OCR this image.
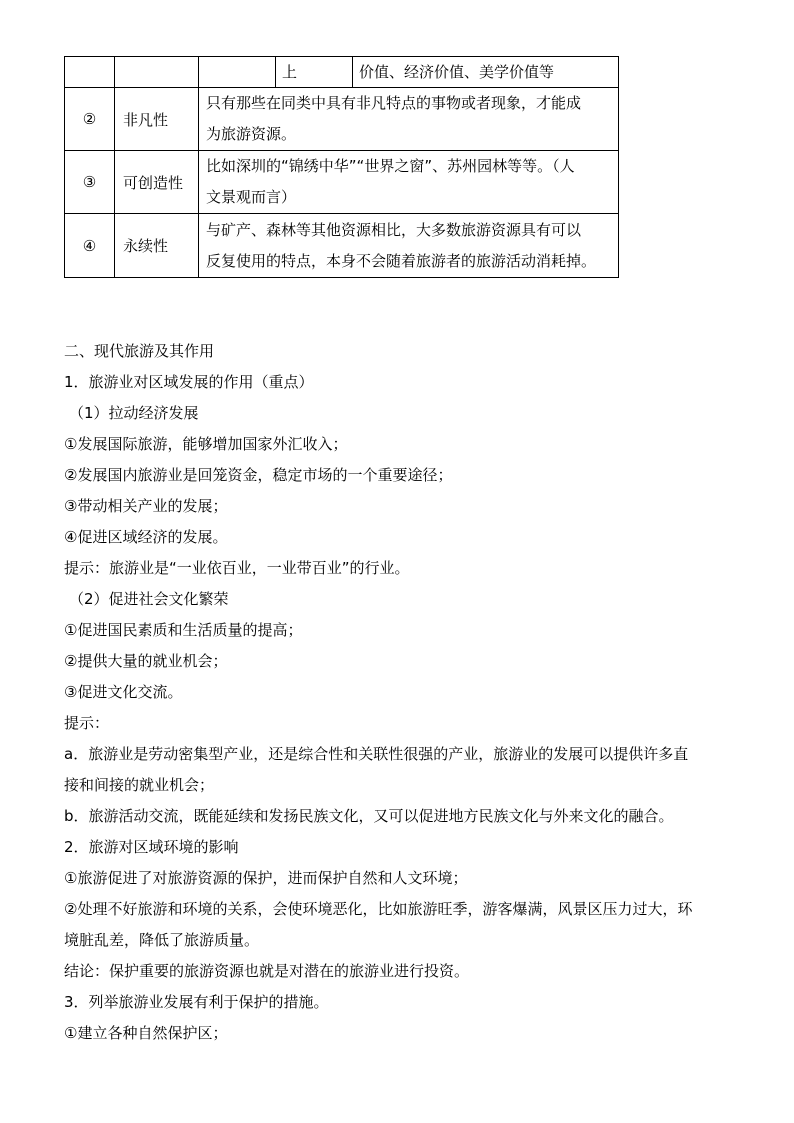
			上	价值、经济价值、美学价值等
②	非凡性	只有那些在同类中具有非凡特点的事物或者现象，才能成
为旅游资源。		

③	可创造性	比如深圳的“锦绣中华”“世界之窗”、苏州园林等等。（人
文景观而言）		

④	永续性	与矿产、森林等其他资源相比，大多数旅游资源具有可以
反复使用的特点，本身不会随着旅游者的旅游活动消耗掉。		

二、现代旅游及其作用

1．旅游业对区域发展的作用（重点）

（1）拉动经济发展

①发展国际旅游，能够增加国家外汇收入；

②发展国内旅游业是回笼资金，稳定市场的一个重要途径；

③带动相关产业的发展；

④促进区域经济的发展。

提示：旅游业是“一业依百业，一业带百业”的行业。

（2）促进社会文化繁荣

①促进国民素质和生活质量的提高；

②提供大量的就业机会；

③促进文化交流。

提示：

a．旅游业是劳动密集型产业，还是综合性和关联性很强的产业，旅游业的发展可以提供许多直

接和间接的就业机会；

b．旅游活动交流，既能延续和发扬民族文化，又可以促进地方民族文化与外来文化的融合。

2．旅游对区域环境的影响

①旅游促进了对旅游资源的保护，进而保护自然和人文环境；

②处理不好旅游和环境的关系，会使环境恶化，比如旅游旺季，游客爆满，风景区压力过大，环

境脏乱差，降低了旅游质量。

结论：保护重要的旅游资源也就是对潜在的旅游业进行投资。

3．列举旅游业发展有利于保护的措施。

①建立各种自然保护区；
